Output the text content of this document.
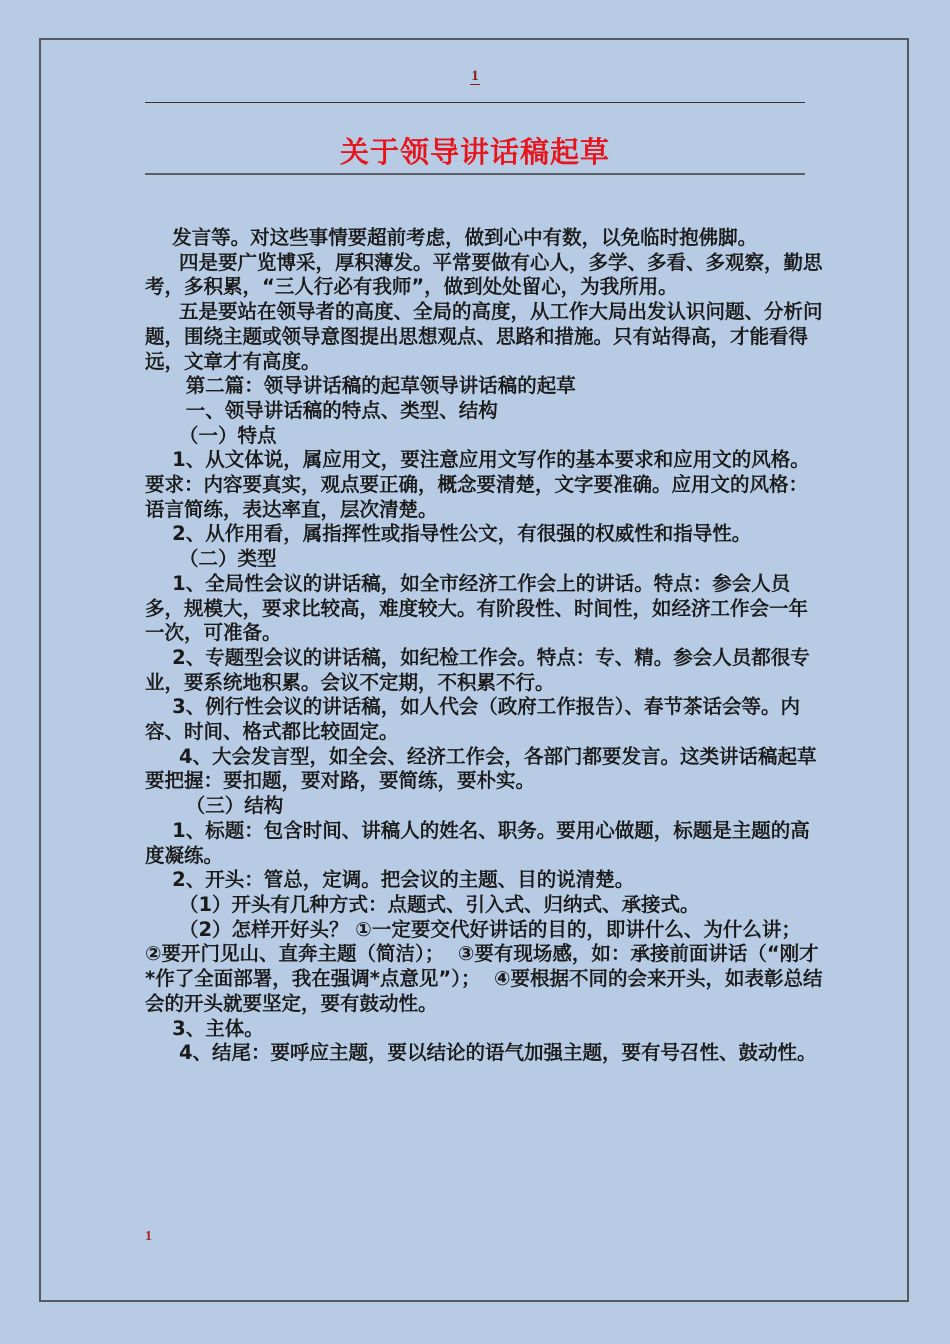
1
关于领导讲话稿起草

发言等。对这些事情要超前考虑，做到心中有数，以免临时抱佛脚。

四是要广览博采，厚积薄发。平常要做有心人，多学、多看、多观察，勤思考，多积累，“三人行必有我师”，做到处处留心，为我所用。

五是要站在领导者的高度、全局的高度，从工作大局出发认识问题、分析问题，围绕主题或领导意图提出思想观点、思路和措施。只有站得高，才能看得远，文章才有高度。

第二篇：领导讲话稿的起草领导讲话稿的起草

一、领导讲话稿的特点、类型、结构

（一）特点

1、从文体说，属应用文，要注意应用文写作的基本要求和应用文的风格。要求：内容要真实，观点要正确，概念要清楚，文字要准确。应用文的风格：语言简练，表达率直，层次清楚。

2、从作用看，属指挥性或指导性公文，有很强的权威性和指导性。

（二）类型

1、全局性会议的讲话稿，如全市经济工作会上的讲话。特点：参会人员多，规模大，要求比较高，难度较大。有阶段性、时间性，如经济工作会一年一次，可准备。

2、专题型会议的讲话稿，如纪检工作会。特点：专、精。参会人员都很专业，要系统地积累。会议不定期，不积累不行。

3、例行性会议的讲话稿，如人代会（政府工作报告）、春节茶话会等。内容、时间、格式都比较固定。

4、大会发言型，如全会、经济工作会，各部门都要发言。这类讲话稿起草要把握：要扣题，要对路，要简练，要朴实。

（三）结构

1、标题：包含时间、讲稿人的姓名、职务。要用心做题，标题是主题的高度凝练。

2、开头：管总，定调。把会议的主题、目的说清楚。

（1）开头有几种方式：点题式、引入式、归纳式、承接式。

（2）怎样开好头？ ①一定要交代好讲话的目的，即讲什么、为什么讲；  ②要开门见山、直奔主题（简洁）；  ③要有现场感，如：承接前面讲话（“刚才*作了全面部署，我在强调*点意见”）；  ④要根据不同的会来开头，如表彰总结会的开头就要坚定，要有鼓动性。

3、主体。

4、结尾：要呼应主题，要以结论的语气加强主题，要有号召性、鼓动性。

1
